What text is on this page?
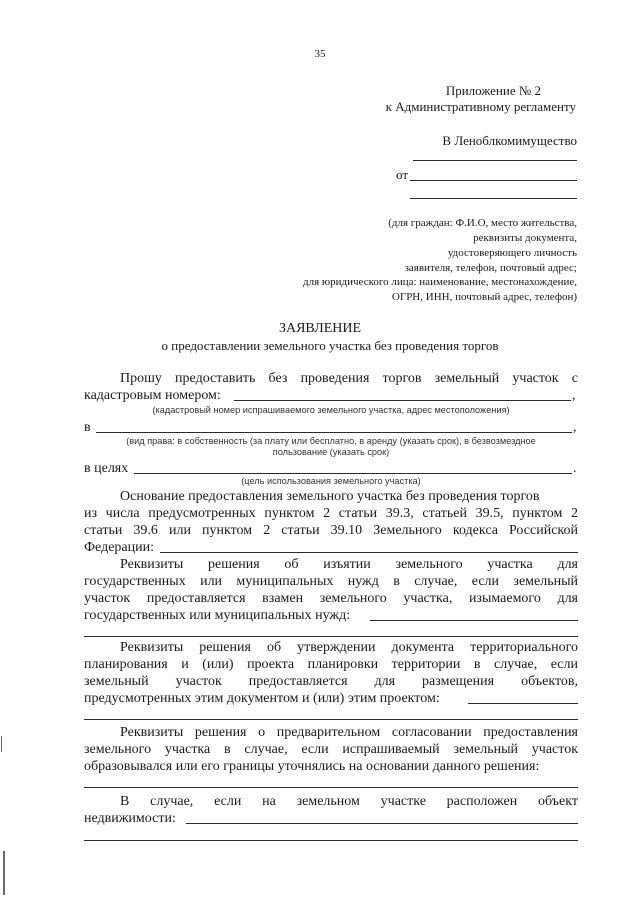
35
Приложение № 2
к Административному регламенту
В Леноблкомимущество
от
(для граждан: Ф.И.О, место жительства,
реквизиты документа,
удостоверяющего личность
заявителя, телефон, почтовый адрес;
для юридического лица: наименование, местонахождение,
ОГРН, ИНН, почтовый адрес, телефон)
ЗАЯВЛЕНИЕ
о предоставлении земельного участка без проведения торгов
Прошу предоставить без проведения торгов земельный участок с
кадастровым номером:	,
(кадастровый номер испрашиваемого земельного участка, адрес местоположения)
в	,
(вид права: в собственность (за плату или бесплатно, в аренду (указать срок), в безвозмездное
пользование (указать срок)
в целях	.
(цель использования земельного участка)
Основание предоставления земельного участка без проведения торгов
из числа предусмотренных пунктом 2 статьи 39.3, статьей 39.5, пунктом 2
статьи 39.6 или пунктом 2 статьи 39.10 Земельного кодекса Российской
Федерации:
Реквизиты решения об изъятии земельного участка для
государственных или муниципальных нужд в случае, если земельный
участок предоставляется взамен земельного участка, изымаемого для
государственных или муниципальных нужд:
Реквизиты решения об утверждении документа территориального
планирования и (или) проекта планировки территории в случае, если
земельный участок предоставляется для размещения объектов,
предусмотренных этим документом и (или) этим проектом:
Реквизиты решения о предварительном согласовании предоставления
земельного участка в случае, если испрашиваемый земельный участок
образовывался или его границы уточнялись на основании данного решения:
В случае, если на земельном участке расположен объект
недвижимости:
